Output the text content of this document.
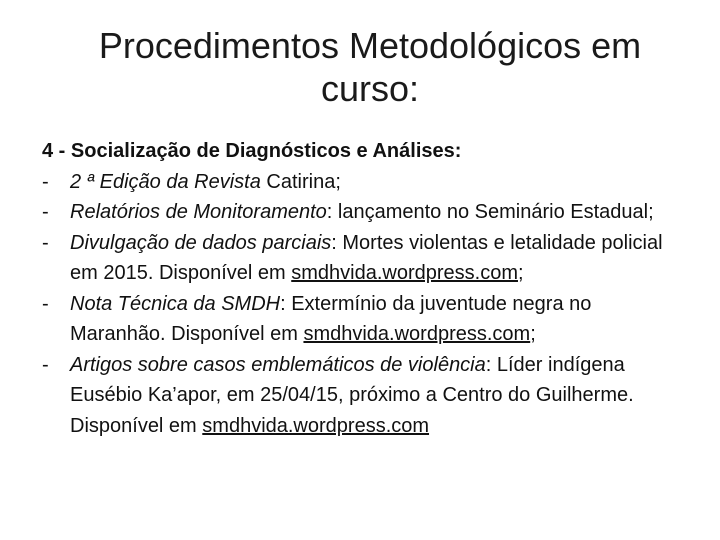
Procedimentos Metodológicos em
curso:
4 - Socialização de Diagnósticos e Análises:
- 2 ª Edição da Revista Catirina;
- Relatórios de Monitoramento: lançamento no Seminário Estadual;
- Divulgação de dados parciais: Mortes violentas e letalidade policial em 2015. Disponível em smdhvida.wordpress.com;
- Nota Técnica da SMDH: Extermínio da juventude negra no Maranhão. Disponível em smdhvida.wordpress.com;
- Artigos sobre casos emblemáticos de violência: Líder indígena Eusébio Ka’apor, em 25/04/15, próximo a Centro do Guilherme. Disponível em smdhvida.wordpress.com
